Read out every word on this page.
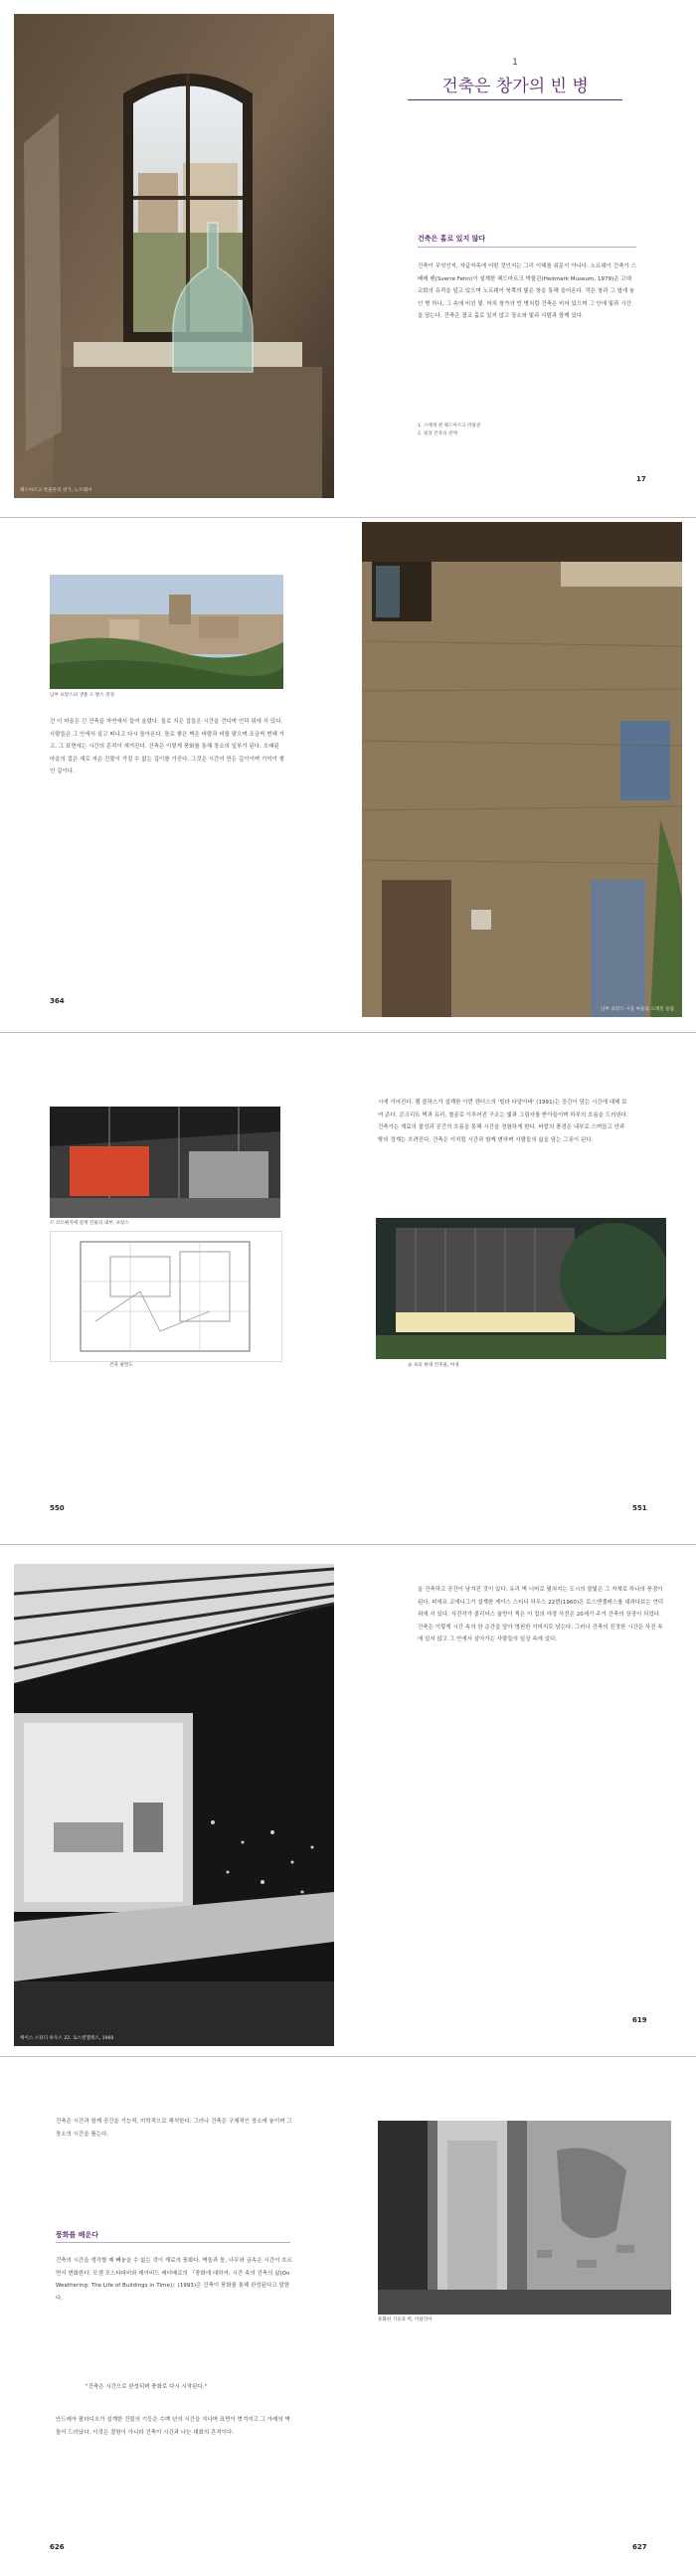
헤드마르크 박물관의 창가, 노르웨이
1
건축은 창가의 빈 병
건축은 홀로 있지 않다
건축이 무엇인지, 자급자족에 어떤 것인지는 그리 이해를 위문이 아니다. 노르웨이 건축가 스베레 펜(Sverre Fehn)이 설계한 헤드마르크 박물관(Hedmark Museum, 1979)은 고대 교회의 유적을 덮고 있으며 노르웨이 북쪽의 빛은 창을 통해 들어온다. 작은 창과 그 옆에 놓인 병 하나, 그 속에 비친 빛. 마치 창가의 빈 병처럼 건축은 비어 있으며 그 안에 빛과 시간을 담는다. 건축은 결코 홀로 있지 않고 장소와 빛과 사람과 함께 있다.
1. 스베레 펜 헤드마르크 박물관
2. 빛과 건축의 관계
17
남부 프랑스의 생폴 드 방스 전경
건 이 마을은 긴 건축을 자연에서 들여 올렸다. 돌로 지은 집들은 시간을 견디며 언덕 위에 서 있다. 사람들은 그 안에서 살고 떠나고 다시 돌아온다. 돌로 쌓은 벽은 바람과 비를 맞으며 조금씩 변해 가고, 그 표면에는 시간의 흔적이 새겨진다. 건축은 이렇게 풍화를 통해 장소의 일부가 된다. 오래된 마을의 집은 새로 지은 건물이 가질 수 없는 깊이를 가진다. 그것은 시간이 만든 깊이이며 기억이 쌓인 깊이다.
364
남부 프랑스 시골 마을의 오래된 돌집
르 코르뷔지에 설계 건물의 내부, 프랑스
건축 평면도
시에 이어진다. 렘 콜하스가 설계한 이번 렌더스의 '빌라 다알아바' (1991)는 공간이 담는 시간에 대해 보여 준다. 콘크리트 벽과 유리, 철골로 이루어진 구조는 빛과 그림자를 받아들이며 하루의 흐름을 드러낸다. 건축가는 재료의 물성과 공간의 흐름을 통해 시간을 경험하게 한다. 바깥의 풍경은 내부로 스며들고 안과 밖의 경계는 흐려진다. 건축은 이처럼 시간과 함께 변하며 사람들의 삶을 담는 그릇이 된다.
숲 속의 현대 건축물, 야경
550	551
케이스 스터디 하우스 22, 로스앤젤레스, 1960
을 건축하고 공간이 남겨진 것이 있다. 유리 벽 너머로 펼쳐지는 도시의 불빛은 그 자체로 하나의 풍경이 된다. 피에르 코에니그가 설계한 케이스 스터디 하우스 22번(1960)은 로스앤젤레스를 내려다보는 언덕 위에 서 있다. 사진작가 줄리어스 슐먼이 찍은 이 집의 야경 사진은 20세기 주거 건축의 상징이 되었다. 건축은 이렇게 시간 속의 한 순간을 담아 영원한 이미지로 남는다. 그러나 건축의 진정한 시간은 사진 속에 있지 않고 그 안에서 살아가는 사람들의 일상 속에 있다.
619
건축은 시간과 함께 공간을 기능적, 미학적으로 해석한다. 그러나 건축은 구체적인 장소에 놓이며 그 장소의 시간을 품는다.
풍화를 배운다
건축의 시간을 생각할 때 빼놓을 수 없는 것이 재료의 풍화다. 벽돌과 돌, 나무와 금속은 시간이 흐르면서 변화한다. 모센 모스타파비와 데이비드 레더배로의 『풍화에 대하여: 시간 속의 건축의 삶(On Weathering: The Life of Buildings in Time)』(1993)은 건축이 풍화를 통해 완성된다고 말한다.
"건축은 시간으로 완성되며 풍화로 다시 시작된다."
안드레아 팔라디오가 설계한 건물의 기둥은 수백 년의 시간을 지나며 표면이 벗겨지고 그 아래의 벽돌이 드러났다. 이것은 결함이 아니라 건축이 시간과 나눈 대화의 흔적이다.
풍화된 기둥과 벽, 이탈리아
626	627
